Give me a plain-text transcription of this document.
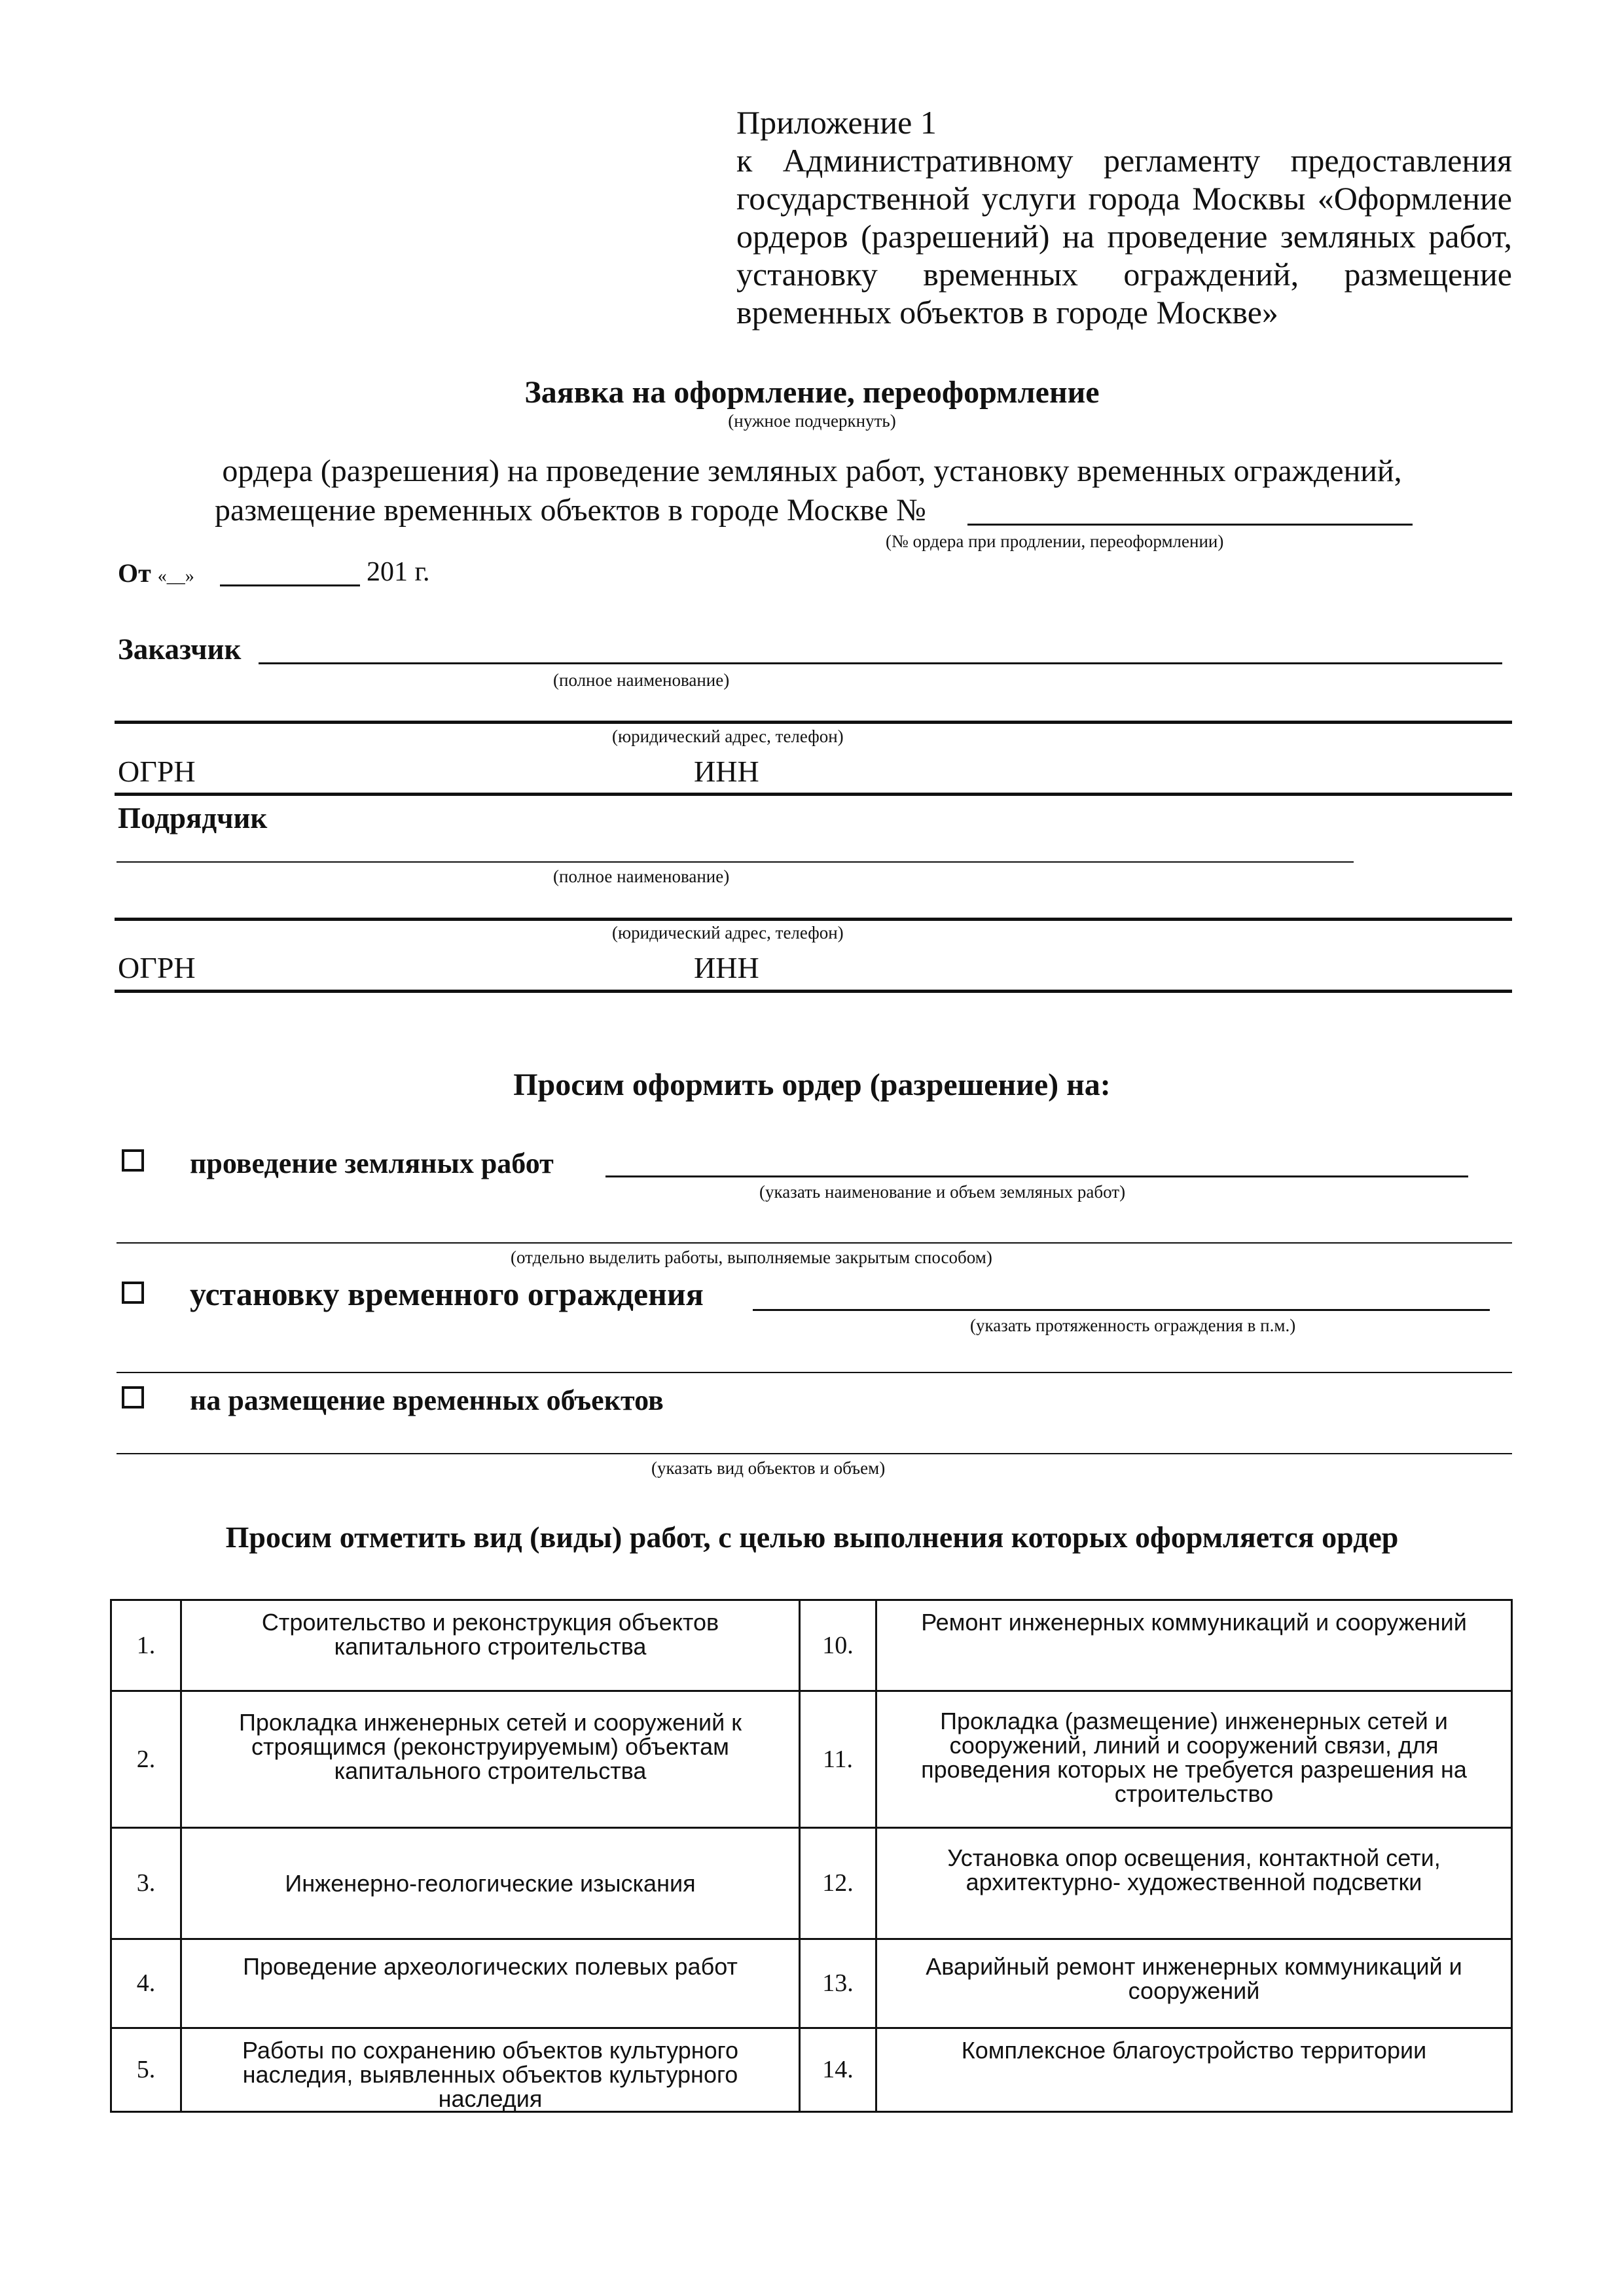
Приложение 1
к Административному регламенту предоставления
государственной услуги города Москвы «Оформление
ордеров (разрешений) на проведение земляных работ,
установку временных ограждений, размещение
временных объектов в городе Москве»
Заявка на оформление, переоформление
(нужное подчеркнуть)
ордера (разрешения) на проведение земляных работ, установку временных ограждений,
размещение временных объектов в городе Москве №
(№ ордера при продлении, переоформлении)
От «__»	201 г.
Заказчик
(полное наименование)
(юридический адрес, телефон)
ОГРН	ИНН
Подрядчик
(полное наименование)
(юридический адрес, телефон)
ОГРН	ИНН
Просим оформить ордер (разрешение) на:
проведение земляных работ
(указать наименование и объем земляных работ)
(отдельно выделить работы, выполняемые закрытым способом)
установку временного ограждения
(указать протяженность ограждения в п.м.)
на размещение временных объектов
(указать вид объектов и объем)
Просим отметить вид (виды) работ, с целью выполнения которых оформляется ордер
1.	Строительство и реконструкция объектов капитального строительства	10.	Ремонт инженерных коммуникаций и сооружений
2.	Прокладка инженерных сетей и сооружений к строящимся (реконструируемым) объектам капитального строительства	11.	Прокладка (размещение) инженерных сетей и сооружений, линий и сооружений связи, для проведения которых не требуется разрешения на строительство
3.	Инженерно-геологические изыскания	12.	Установка опор освещения, контактной сети, архитектурно- художественной подсветки
4.	Проведение археологических полевых работ	13.	Аварийный ремонт инженерных коммуникаций и сооружений
5.	Работы по сохранению объектов культурного наследия, выявленных объектов культурного наследия	14.	Комплексное благоустройство территории
